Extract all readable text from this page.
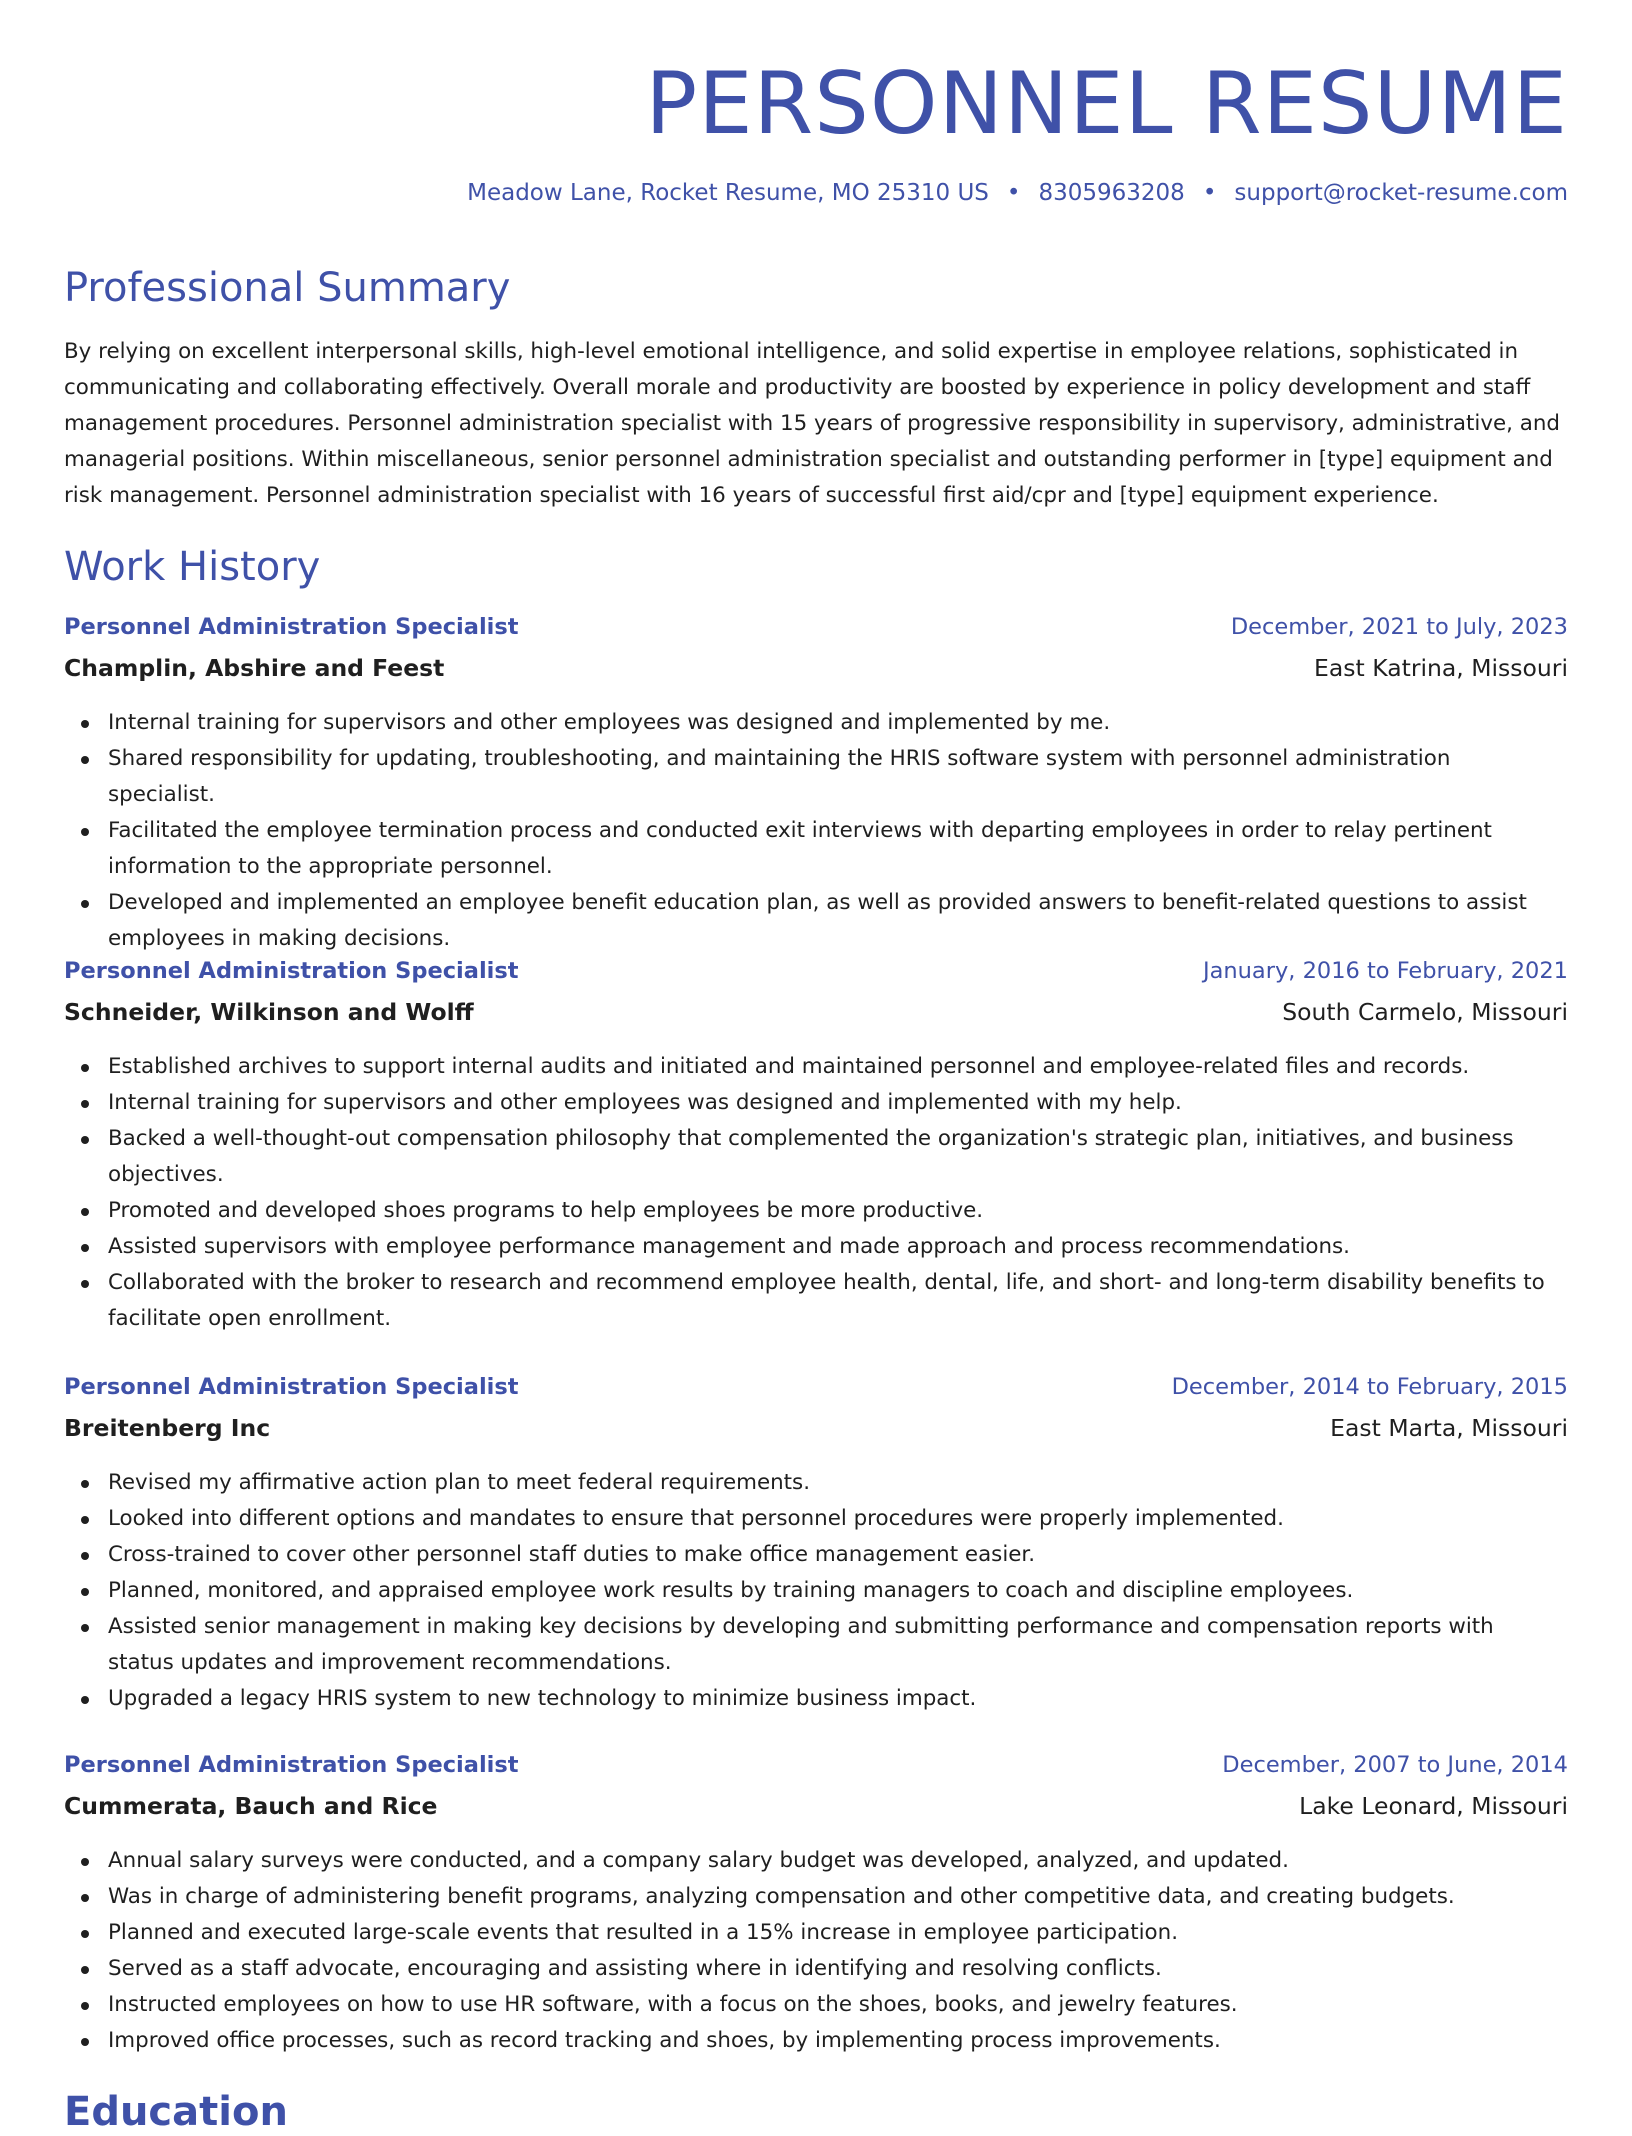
PERSONNEL RESUME
Meadow Lane, Rocket Resume, MO 25310 US • 8305963208 • support@rocket-resume.com
Professional Summary

By relying on excellent interpersonal skills, high-level emotional intelligence, and solid expertise in employee relations, sophisticated in communicating and collaborating effectively. Overall morale and productivity are boosted by experience in policy development and staff management procedures. Personnel administration specialist with 15 years of progressive responsibility in supervisory, administrative, and managerial positions. Within miscellaneous, senior personnel administration specialist and outstanding performer in [type] equipment and risk management. Personnel administration specialist with 16 years of successful first aid/cpr and [type] equipment experience.

Work History
Personnel Administration Specialist	December, 2021 to July, 2023
Champlin, Abshire and Feest	East Katrina, Missouri
Internal training for supervisors and other employees was designed and implemented by me.
Shared responsibility for updating, troubleshooting, and maintaining the HRIS software system with personnel administration specialist.
Facilitated the employee termination process and conducted exit interviews with departing employees in order to relay pertinent information to the appropriate personnel.
Developed and implemented an employee benefit education plan, as well as provided answers to benefit-related questions to assist employees in making decisions.
Personnel Administration Specialist	January, 2016 to February, 2021
Schneider, Wilkinson and Wolff	South Carmelo, Missouri
Established archives to support internal audits and initiated and maintained personnel and employee-related files and records.
Internal training for supervisors and other employees was designed and implemented with my help.
Backed a well-thought-out compensation philosophy that complemented the organization's strategic plan, initiatives, and business objectives.
Promoted and developed shoes programs to help employees be more productive.
Assisted supervisors with employee performance management and made approach and process recommendations.
Collaborated with the broker to research and recommend employee health, dental, life, and short- and long-term disability benefits to facilitate open enrollment.
Personnel Administration Specialist	December, 2014 to February, 2015
Breitenberg Inc	East Marta, Missouri
Revised my affirmative action plan to meet federal requirements.
Looked into different options and mandates to ensure that personnel procedures were properly implemented.
Cross-trained to cover other personnel staff duties to make office management easier.
Planned, monitored, and appraised employee work results by training managers to coach and discipline employees.
Assisted senior management in making key decisions by developing and submitting performance and compensation reports with status updates and improvement recommendations.
Upgraded a legacy HRIS system to new technology to minimize business impact.
Personnel Administration Specialist	December, 2007 to June, 2014
Cummerata, Bauch and Rice	Lake Leonard, Missouri
Annual salary surveys were conducted, and a company salary budget was developed, analyzed, and updated.
Was in charge of administering benefit programs, analyzing compensation and other competitive data, and creating budgets.
Planned and executed large-scale events that resulted in a 15% increase in employee participation.
Served as a staff advocate, encouraging and assisting where in identifying and resolving conflicts.
Instructed employees on how to use HR software, with a focus on the shoes, books, and jewelry features.
Improved office processes, such as record tracking and shoes, by implementing process improvements.
Education
